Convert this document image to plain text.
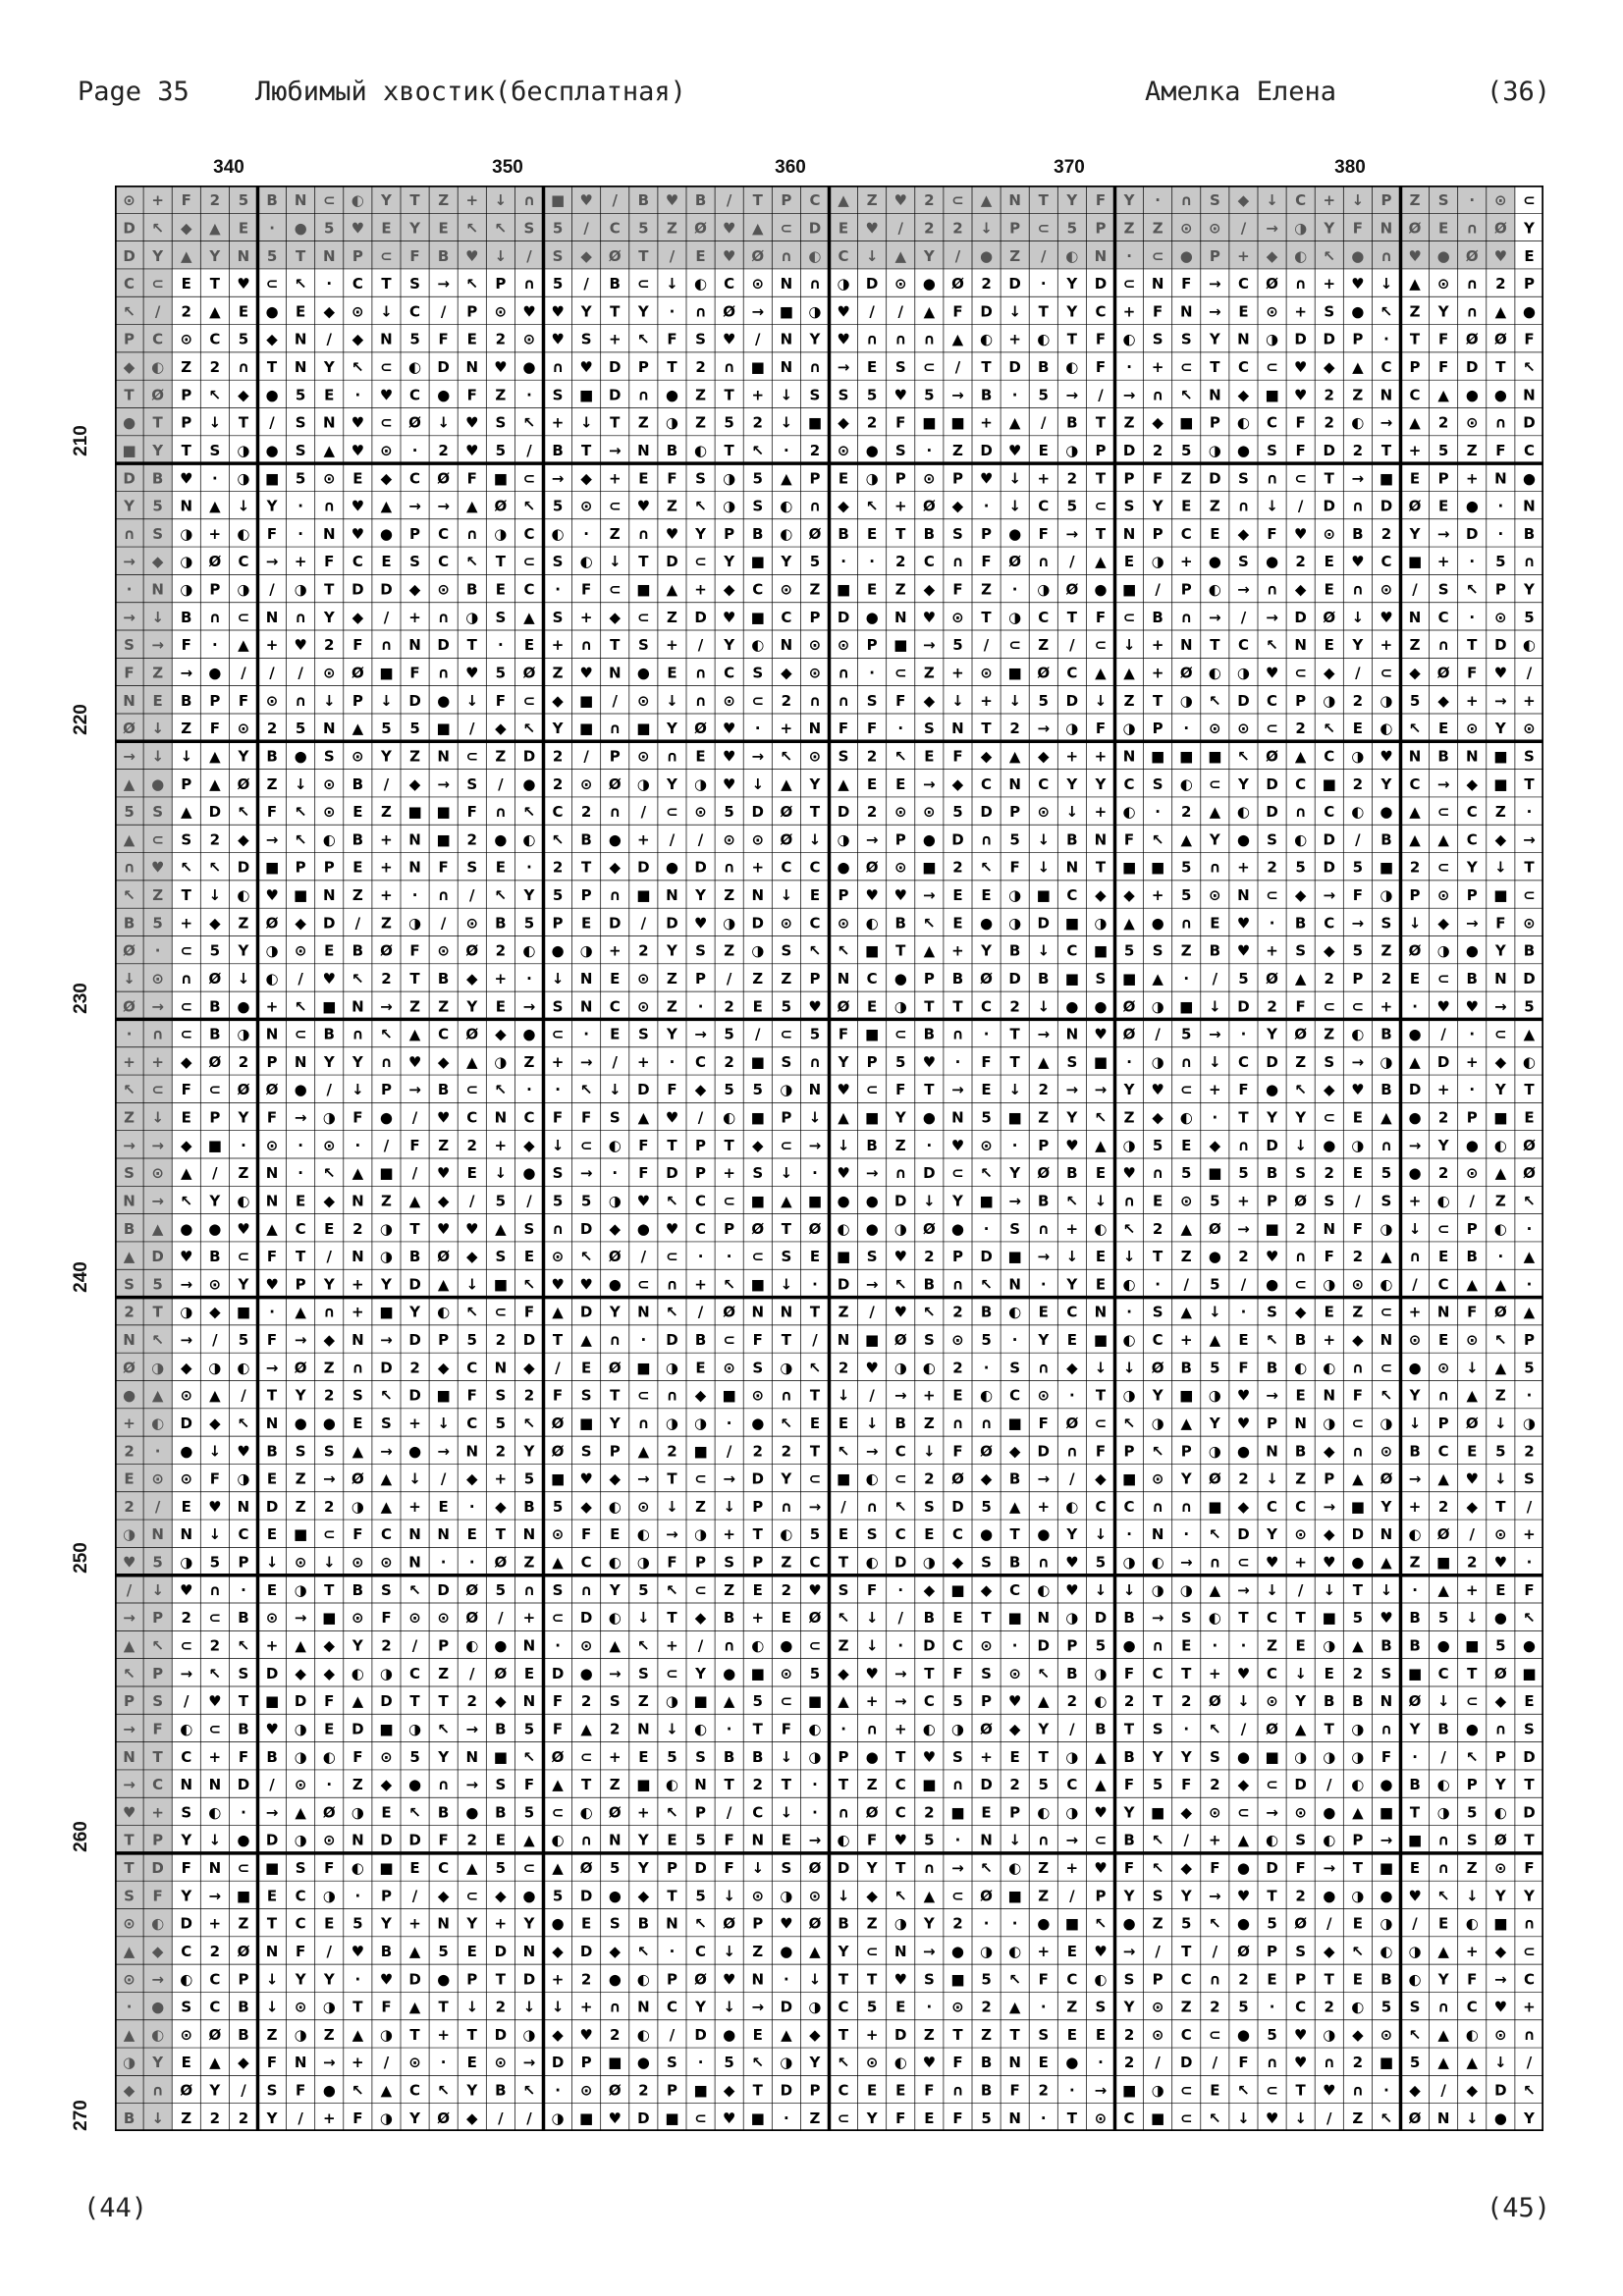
Page 35 Любимый хвостик(бесплатная)	Амелка Елена	(36)
340	350	360	370	380
210
220
230
240
250
260
270
⊙ + F 2 5 B N ⊂ ◐ Y T Z + ↓ ∩ ■ ♥ / B ♥ B / T P C ▲ Z ♥ 2 ⊂ ▲ N T Y F Y · ∩ S ◆ ↓ C + ↓ P Z S · ⊙ ⊂
D ↖ ◆ ▲ E · ● 5 ♥ E Y E ↖ ↖ S 5 / C 5 Z Ø ♥ ▲ ⊂ D E ♥ / 2 2 ↓ P ⊂ 5 P Z Z ⊙ ⊙ / → ◑ Y F N Ø E ∩ Ø Y
D Y ▲ Y N 5 T N P ⊂ F B ♥ ↓ / S ◆ Ø T / E ♥ Ø ∩ ◐ C ↓ ▲ Y / ● Z / ◐ N · ⊂ ● P + ◆ ◐ ↖ ● ∩ ♥ ● Ø ♥ E
C ⊂ E T ♥ ⊂ ↖ · C T S → ↖ P ∩ 5 / B ⊂ ↓ ◐ C ⊙ N ∩ ◑ D ⊙ ● Ø 2 D · Y D ⊂ N F → C Ø ∩ + ♥ ↓ ▲ ⊙ ∩ 2 P
↖ / 2 ▲ E ● E ◆ ⊙ ↓ C / P ⊙ ♥ ♥ Y T Y · ∩ Ø → ■ ◑ ♥ / / ▲ F D ↓ T Y C + F N → E ⊙ + S ● ↖ Z Y ∩ ▲ ●
P C ⊙ C 5 ◆ N / ◆ N 5 F E 2 ⊙ ♥ S + ↖ F S ♥ / N Y ♥ ∩ ∩ ∩ ▲ ◐ + ◐ T F ◐ S S Y N ◑ D D P · T F Ø Ø F
◆ ◐ Z 2 ∩ T N Y ↖ ⊂ ◐ D N ♥ ● ∩ ♥ D P T 2 ∩ ■ N ∩ → E S ⊂ / T D B ◐ F · + ⊂ T C ⊂ ♥ ◆ ▲ C P F D T ↖
T Ø P ↖ ◆ ● 5 E · ♥ C ● F Z · S ■ D ∩ ● Z T + ↓ S S 5 ♥ 5 → B · 5 → / → ∩ ↖ N ◆ ■ ♥ 2 Z N C ▲ ● ● N
● T P ↓ T / S N ♥ ⊂ Ø ↓ ♥ S ↖ + ↓ T Z ◑ Z 5 2 ↓ ■ ◆ 2 F ■ ■ + ▲ / B T Z ◆ ■ P ◐ C F 2 ◐ → ▲ 2 ⊙ ∩ D
■ Y T S ◑ ● S ▲ ♥ ⊙ · 2 ♥ 5 / B T → N B ◐ T ↖ · 2 ⊙ ● S · Z D ♥ E ◑ P D 2 5 ◑ ● S F D 2 T + 5 Z F C
D B ♥ · ◑ ■ 5 ⊙ E ◆ C Ø F ■ ⊂ → ◆ + E F S ◑ 5 ▲ P E ◑ P ⊙ P ♥ ↓ + 2 T P F Z D S ∩ ⊂ T → ■ E P + N ●
Y 5 N ▲ ↓ Y · ∩ ♥ ▲ → → ▲ Ø ↖ 5 ⊙ ⊂ ♥ Z ↖ ◑ S ◐ ∩ ◆ ↖ + Ø ◆ · ↓ C 5 ⊂ S Y E Z ∩ ↓ / D ∩ D Ø E ● · N
∩ S ◑ + ◐ F · N ♥ ● P C ∩ ◑ C ◐ · Z ∩ ♥ Y P B ◐ Ø B E T B S P ● F → T N P C E ◆ F ♥ ⊙ B 2 Y → D · B
→ ◆ ◑ Ø C → + F C E S C ↖ T ⊂ S ◐ ↓ T D ⊂ Y ■ Y 5 · · 2 C ∩ F Ø ∩ / ▲ E ◑ + ● S ● 2 E ♥ C ■ + · 5 ∩
· N ◑ P ◑ / ◑ T D D ◆ ⊙ B E C · F ⊂ ■ ▲ + ◆ C ⊙ Z ■ E Z ◆ F Z · ◑ Ø ● ■ / P ◐ → ∩ ◆ E ∩ ⊙ / S ↖ P Y
→ ↓ B ∩ ⊂ N ∩ Y ◆ / + ∩ ◑ S ▲ S + ◆ ⊂ Z D ♥ ■ C P D ● N ♥ ⊙ T ◑ C T F ⊂ B ∩ → / → D Ø ↓ ♥ N C · ⊙ 5
S → F · ▲ + ♥ 2 F ∩ N D T · E + ∩ T S + / Y ◐ N ⊙ ⊙ P ■ → 5 / ⊂ Z / ⊂ ↓ + N T C ↖ N E Y + Z ∩ T D ◐
F Z → ● / / / ⊙ Ø ■ F ∩ ♥ 5 Ø Z ♥ N ● E ∩ C S ◆ ⊙ ∩ · ⊂ Z + ⊙ ■ Ø C ▲ ▲ + Ø ◐ ◑ ♥ ⊂ ◆ / ⊂ ◆ Ø F ♥ /
N E B P F ⊙ ∩ ↓ P ↓ D ● ↓ F ⊂ ◆ ■ / ⊙ ↓ ∩ ⊙ ⊂ 2 ∩ ∩ S F ◆ ↓ + ↓ 5 D ↓ Z T ◑ ↖ D C P ◑ 2 ◑ 5 ◆ + → +
Ø ↓ Z F ⊙ 2 5 N ▲ 5 5 ■ / ◆ ↖ Y ■ ∩ ■ Y Ø ♥ · + N F F · S N T 2 → ◑ F ◑ P · ⊙ ⊙ ⊂ 2 ↖ E ◐ ↖ E ⊙ Y ⊙
→ ↓ ↓ ▲ Y B ● S ⊙ Y Z N ⊂ Z D 2 / P ⊙ ∩ E ♥ → ↖ ⊙ S 2 ↖ E F ◆ ▲ ◆ + + N ■ ■ ■ ↖ Ø ▲ C ◑ ♥ N B N ■ S
▲ ● P ▲ Ø Z ↓ ⊙ B / ◆ → S / ● 2 ⊙ Ø ◑ Y ◑ ♥ ↓ ▲ Y ▲ E E → ◆ C N C Y Y C S ◐ ⊂ Y D C ■ 2 Y C → ◆ ■ T
5 S ▲ D ↖ F ↖ ⊙ E Z ■ ■ F ∩ ↖ C 2 ∩ / ⊂ ⊙ 5 D Ø T D 2 ⊙ ⊙ 5 D P ⊙ ↓ + ◐ · 2 ▲ ◐ D ∩ C ◐ ● ▲ ⊂ C Z ·
▲ ⊂ S 2 ◆ → ↖ ◐ B + N ■ 2 ● ◐ ↖ B ● + / / ⊙ ⊙ Ø ↓ ◑ → P ● D ∩ 5 ↓ B N F ↖ ▲ Y ● S ◐ D / B ▲ ▲ C ◆ →
∩ ♥ ↖ ↖ D ■ P P E + N F S E · 2 T ◆ D ● D ∩ + C C ● Ø ⊙ ■ 2 ↖ F ↓ N T ■ ■ 5 ∩ + 2 5 D 5 ■ 2 ⊂ Y ↓ T
↖ Z T ↓ ◐ ♥ ■ N Z + · ∩ / ↖ Y 5 P ∩ ■ N Y Z N ↓ E P ♥ ♥ → E E ◑ ■ C ◆ ◆ + 5 ⊙ N ⊂ ◆ → F ◑ P ⊙ P ■ ⊂
B 5 + ◆ Z Ø ◆ D / Z ◑ / ⊙ B 5 P E D / D ♥ ◑ D ⊙ C ⊙ ◐ B ↖ E ● ◑ D ■ ◑ ▲ ● ∩ E ♥ · B C → S ↓ ◆ → F ⊙
Ø · ⊂ 5 Y ◑ ⊙ E B Ø F ⊙ Ø 2 ◐ ● ◑ + 2 Y S Z ◑ S ↖ ↖ ■ T ▲ + Y B ↓ C ■ 5 S Z B ♥ + S ◆ 5 Z Ø ◑ ● Y B
↓ ⊙ ∩ Ø ↓ ◐ / ♥ ↖ 2 T B ◆ + · ↓ N E ⊙ Z P / Z Z P N C ● P B Ø D B ■ S ■ ▲ · / 5 Ø ▲ 2 P 2 E ⊂ B N D
Ø → ⊂ B ● + ↖ ■ N → Z Z Y E → S N C ⊙ Z · 2 E 5 ♥ Ø E ◑ T T C 2 ↓ ● ● Ø ◑ ■ ↓ D 2 F ⊂ ⊂ + · ♥ ♥ → 5
· ∩ ⊂ B ◑ N ⊂ B ∩ ↖ ▲ C Ø ◆ ● ⊂ · E S Y → 5 / ⊂ 5 F ■ ⊂ B ∩ · T → N ♥ Ø / 5 → · Y Ø Z ◐ B ● / · ⊂ ▲
+ + ◆ Ø 2 P N Y Y ∩ ♥ ◆ ▲ ◑ Z + → / + · C 2 ■ S ∩ Y P 5 ♥ · F T ▲ S ■ · ◑ ∩ ↓ C D Z S → ◑ ▲ D + ◆ ◐
↖ ⊂ F ⊂ Ø Ø ● / ↓ P → B ⊂ ↖ · · ↖ ↓ D F ◆ 5 5 ◑ N ♥ ⊂ F T → E ↓ 2 → → Y ♥ ⊂ + F ● ↖ ◆ ♥ B D + · Y T
Z ↓ E P Y F → ◑ F ● / ♥ C N C F F S ▲ ♥ / ◐ ■ P ↓ ▲ ■ Y ● N 5 ■ Z Y ↖ Z ◆ ◐ · T Y Y ⊂ E ▲ ● 2 P ■ E
→ → ◆ ■ · ⊙ · ⊙ · / F Z 2 + ◆ ↓ ⊂ ◐ F T P T ◆ ⊂ → ↓ B Z · ♥ ⊙ · P ♥ ▲ ◑ 5 E ◆ ∩ D ↓ ● ◑ ∩ → Y ● ◐ Ø
S ⊙ ▲ / Z N · ↖ ▲ ■ / ♥ E ↓ ● S → · F D P + S ↓ · ♥ → ∩ D ⊂ ↖ Y Ø B E ♥ ∩ 5 ■ 5 B S 2 E 5 ● 2 ⊙ ▲ Ø
N → ↖ Y ◐ N E ◆ N Z ▲ ◆ / 5 / 5 5 ◑ ♥ ↖ C ⊂ ■ ▲ ■ ● ● D ↓ Y ■ → B ↖ ↓ ∩ E ⊙ 5 + P Ø S / S + ◐ / Z ↖
B ▲ ● ● ♥ ▲ C E 2 ◑ T ♥ ♥ ▲ S ∩ D ◆ ● ♥ C P Ø T Ø ◐ ● ◑ Ø ● · S ∩ + ◐ ↖ 2 ▲ Ø → ■ 2 N F ◑ ↓ ⊂ P ◐ ·
▲ D ♥ B ⊂ F T / N ◑ B Ø ◆ S E ⊙ ↖ Ø / ⊂ · · ⊂ S E ■ S ♥ 2 P D ■ → ↓ E ↓ T Z ● 2 ♥ ∩ F 2 ▲ ∩ E B · ▲
S 5 → ⊙ Y ♥ P Y + Y D ▲ ↓ ■ ↖ ♥ ♥ ● ⊂ ∩ + ↖ ■ ↓ · D → ↖ B ∩ ↖ N · Y E ◐ · / 5 / ● ⊂ ◑ ⊙ ◐ / C ▲ ▲ ·
2 T ◑ ◆ ■ · ▲ ∩ + ■ Y ◐ ↖ ⊂ F ▲ D Y N ↖ / Ø N N T Z / ♥ ↖ 2 B ◐ E C N · S ▲ ↓ · S ◆ E Z ⊂ + N F Ø ▲
N ↖ → / 5 F → ◆ N → D P 5 2 D T ▲ ∩ · D B ⊂ F T / N ■ Ø S ⊙ 5 · Y E ■ ◐ C + ▲ E ↖ B + ◆ N ⊙ E ⊙ ↖ P
Ø ◑ ◆ ◑ ◐ → Ø Z ∩ D 2 ◆ C N ◆ / E Ø ■ ◑ E ⊙ S ◑ ↖ 2 ♥ ◑ ◐ 2 · S ∩ ◆ ↓ ↓ Ø B 5 F B ◐ ◐ ∩ ⊂ ● ⊙ ↓ ▲ 5
● ▲ ⊙ ▲ / T Y 2 S ↖ D ■ F S 2 F S T ⊂ ∩ ◆ ■ ⊙ ∩ T ↓ / → + E ◐ C ⊙ · T ◑ Y ■ ◑ ♥ → E N F ↖ Y ∩ ▲ Z ·
+ ◐ D ◆ ↖ N ● ● E S + ↓ C 5 ↖ Ø ■ Y ∩ ◑ ◑ · ● ↖ E E ↓ B Z ∩ ∩ ■ F Ø ⊂ ↖ ◑ ▲ Y ♥ P N ◑ ⊂ ◑ ↓ P Ø ↓ ◑
2 · ● ↓ ♥ B S S ▲ → ● → N 2 Y Ø S P ▲ 2 ■ / 2 2 T ↖ → C ↓ F Ø ◆ D ∩ F P ↖ P ◑ ● N B ◆ ∩ ⊙ B C E 5 2
E ⊙ ⊙ F ◑ E Z → Ø ▲ ↓ / ◆ + 5 ■ ♥ ◆ → T ⊂ → D Y ⊂ ■ ◐ ⊂ 2 Ø ◆ B → / ◆ ■ ⊙ Y Ø 2 ↓ Z P ▲ Ø → ▲ ♥ ↓ S
2 / E ♥ N D Z 2 ◑ ▲ + E · ◆ B 5 ◆ ◐ ⊙ ↓ Z ↓ P ∩ → / ∩ ↖ S D 5 ▲ + ◐ C C ∩ ∩ ■ ◆ C C → ■ Y + 2 ◆ T /
◑ N N ↓ C E ■ ⊂ F C N N E T N ⊙ F E ◐ → ◑ + T ◐ 5 E S C E C ● T ● Y ↓ · N · ↖ D Y ⊙ ◆ D N ◐ Ø / ⊙ +
♥ 5 ◑ 5 P ↓ ⊙ ↓ ⊙ ⊙ N · · Ø Z ▲ C ◐ ◑ F P S P Z C T ◐ D ◑ ◆ S B ∩ ♥ 5 ◑ ◐ → ∩ ⊂ ♥ + ♥ ● ▲ Z ■ 2 ♥ ·
/ ↓ ♥ ∩ · E ◑ T B S ↖ D Ø 5 ∩ S ∩ Y 5 ↖ ⊂ Z E 2 ♥ S F · ◆ ■ ◆ C ◐ ♥ ↓ ↓ ◑ ◑ ▲ → ↓ / ↓ T ↓ · ▲ + E F
→ P 2 ⊂ B ⊙ → ■ ⊙ F ⊙ ⊙ Ø / + ⊂ D ◐ ↓ T ◆ B + E Ø ↖ ↓ / B E T ■ N ◑ D B → S ◐ T C T ■ 5 ♥ B 5 ↓ ● ↖
▲ ↖ ⊂ 2 ↖ + ▲ ◆ Y 2 / P ◐ ● N · ⊙ ▲ ↖ + / ∩ ◐ ● ⊂ Z ↓ · D C ⊙ · D P 5 ● ∩ E · · Z E ◑ ▲ B B ● ■ 5 ●
↖ P → ↖ S D ◆ ◆ ◐ ◑ C Z / Ø E D ● → S ⊂ Y ● ■ ⊙ 5 ◆ ♥ → T F S ⊙ ↖ B ◑ F C T + ♥ C ↓ E 2 S ■ C T Ø ■
P S / ♥ T ■ D F ▲ D T T 2 ◆ N F 2 S Z ◑ ■ ▲ 5 ⊂ ■ ▲ + → C 5 P ♥ ▲ 2 ◐ 2 T 2 Ø ↓ ⊙ Y B B N Ø ↓ ⊂ ◆ E
→ F ◐ ⊂ B ♥ ◑ E D ■ ◑ ↖ → B 5 F ▲ 2 N ↓ ◐ · T F ◐ · ∩ + ◐ ◑ Ø ◆ Y / B T S · ↖ / Ø ▲ T ◑ ∩ Y B ● ∩ S
N T C + F B ◑ ◐ F ⊙ 5 Y N ■ ↖ Ø ⊂ + E 5 S B B ↓ ◑ P ● T ♥ S + E T ◑ ▲ B Y Y S ● ■ ◑ ◑ ◑ F · / ↖ P D
→ C N N D / ⊙ · Z ◆ ● ∩ → S F ▲ T Z ■ ◐ N T 2 T · T Z C ■ ∩ D 2 5 C ▲ F 5 F 2 ◆ ⊂ D / ◐ ● B ◐ P Y T
♥ + S ◐ · → ▲ Ø ◑ E ↖ B ● B 5 ⊂ ◐ Ø + ↖ P / C ↓ · ∩ Ø C 2 ■ E P ◐ ◑ ♥ Y ■ ◆ ⊙ ⊂ → ⊙ ● ▲ ■ T ◑ 5 ◐ D
T P Y ↓ ● D ◑ ⊙ N D D F 2 E ▲ ◐ ∩ N Y E 5 F N E → ◐ F ♥ 5 · N ↓ ∩ → ⊂ B ↖ / + ▲ ◐ S ◐ P → ■ ∩ S Ø T
T D F N ⊂ ■ S F ◐ ■ E C ▲ 5 ⊂ ▲ Ø 5 Y P D F ↓ S Ø D Y T ∩ → ↖ ◐ Z + ♥ F ↖ ◆ F ● D F → T ■ E ∩ Z ⊙ F
S F Y → ■ E C ◑ · P / ◆ ⊂ ◆ ● 5 D ● ◆ T 5 ↓ ⊙ ◑ ⊙ ↓ ◆ ↖ ▲ ⊂ Ø ■ Z / P Y S Y → ♥ T 2 ● ◑ ● ♥ ↖ ↓ Y Y
⊙ ◐ D + Z T C E 5 Y + N Y + Y ● E S B N ↖ Ø P ♥ Ø B Z ◑ Y 2 · · ● ■ ↖ ● Z 5 ↖ ● 5 Ø / E ◑ / E ◐ ■ ∩
▲ ◆ C 2 Ø N F / ♥ B ▲ 5 E D N ◆ D ◆ ↖ · C ↓ Z ● ▲ Y ⊂ N → ● ◑ ◐ + E ♥ → / T / Ø P S ◆ ↖ ◐ ◑ ▲ + ◆ ⊂
⊙ → ◐ C P ↓ Y Y · ♥ D ● P T D + 2 ● ◐ P Ø ♥ N · ↓ T T ♥ S ■ 5 ↖ F C ◐ S P C ∩ 2 E P T E B ◐ Y F → C
· ● S C B ↓ ⊙ ◑ T F ▲ T ↓ 2 ↓ ↓ + ∩ N C Y ↓ → D ◑ C 5 E · ⊙ 2 ▲ · Z S Y ⊙ Z 2 5 · C 2 ◐ 5 S ∩ C ♥ +
▲ ◐ ⊙ Ø B Z ◑ Z ▲ ◑ T + T D ◑ ◆ ♥ 2 ◐ / D ● E ▲ ◆ T + D Z T Z T S E E 2 ⊙ C ⊂ ● 5 ♥ ◑ ◆ ⊙ ↖ ▲ ◐ ⊙ ∩
◑ Y E ▲ ◆ F N → + / ⊙ · E ⊙ → D P ■ ● S · 5 ↖ ◑ Y ↖ ⊙ ◐ ♥ F B N E ● · 2 / D / F ∩ ♥ ∩ 2 ■ 5 ▲ ▲ ↓ /
◆ ∩ Ø Y / S F ● ↖ ▲ C ↖ Y B ↖ · ⊙ Ø 2 P ■ ◆ T D P C E E F ∩ B F 2 · → ■ ◑ ⊂ E ↖ ⊂ T ♥ ∩ · ◆ / ◆ D ↖
B ↓ Z 2 2 Y / + F ◑ Y Ø ◆ / / ◑ ■ ♥ D ■ ⊂ ♥ ■ · Z ⊂ Y F E F 5 N · T ⊙ C ■ ⊂ ↖ ↓ ♥ ↓ / Z ↖ Ø N ↓ ● Y
(44)	(45)
